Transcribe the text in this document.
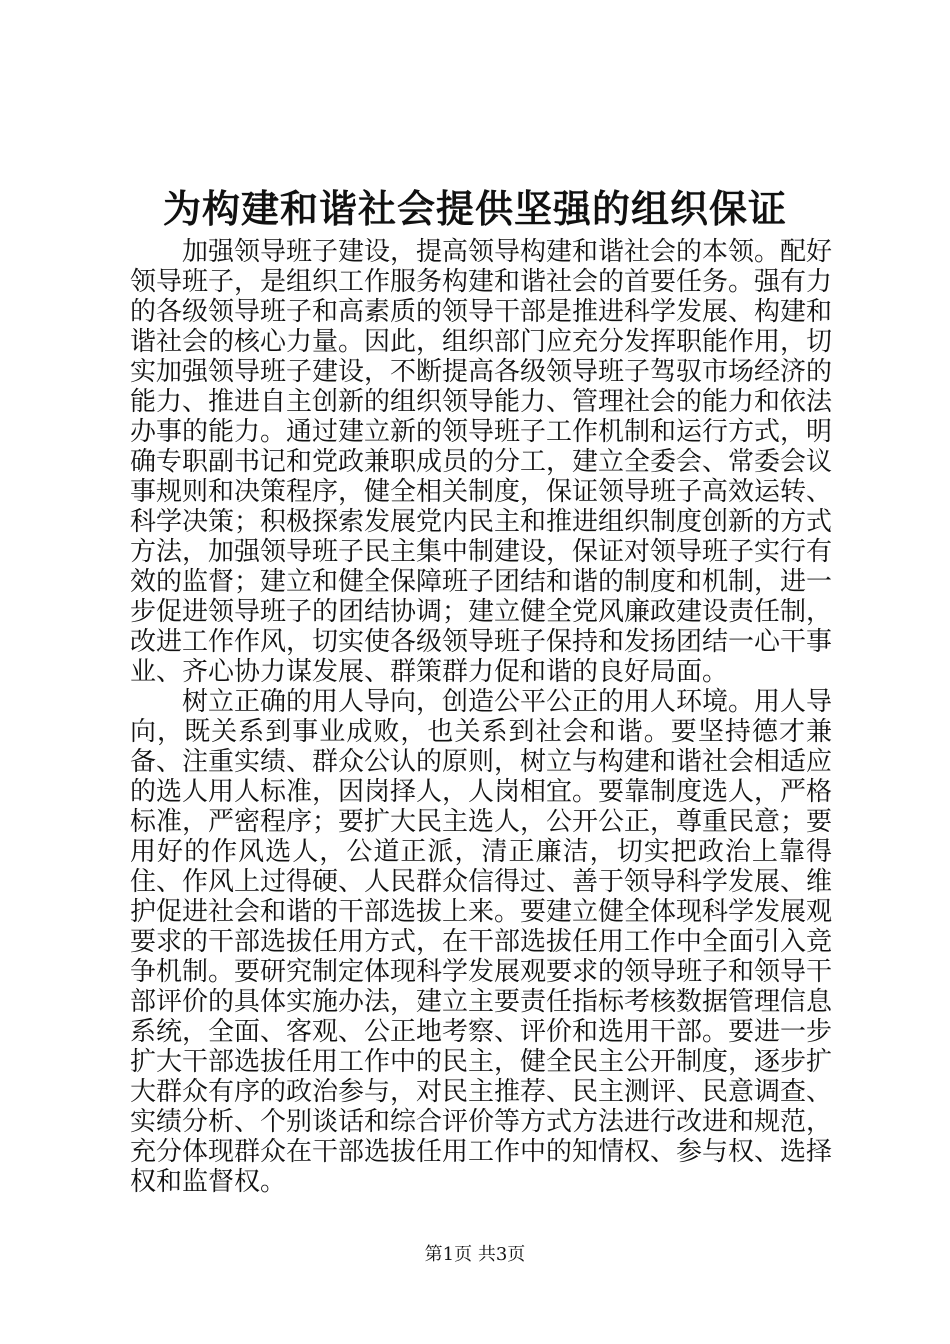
为构建和谐社会提供坚强的组织保证

加强领导班子建设，提高领导构建和谐社会的本领。配好领导班子，是组织工作服务构建和谐社会的首要任务。强有力的各级领导班子和高素质的领导干部是推进科学发展、构建和谐社会的核心力量。因此，组织部门应充分发挥职能作用，切实加强领导班子建设，不断提高各级领导班子驾驭市场经济的能力、推进自主创新的组织领导能力、管理社会的能力和依法办事的能力。通过建立新的领导班子工作机制和运行方式，明确专职副书记和党政兼职成员的分工，建立全委会、常委会议事规则和决策程序，健全相关制度，保证领导班子高效运转、科学决策；积极探索发展党内民主和推进组织制度创新的方式方法，加强领导班子民主集中制建设，保证对领导班子实行有效的监督；建立和健全保障班子团结和谐的制度和机制，进一步促进领导班子的团结协调；建立健全党风廉政建设责任制，改进工作作风，切实使各级领导班子保持和发扬团结一心干事业、齐心协力谋发展、群策群力促和谐的良好局面。

树立正确的用人导向，创造公平公正的用人环境。用人导向，既关系到事业成败，也关系到社会和谐。要坚持德才兼备、注重实绩、群众公认的原则，树立与构建和谐社会相适应的选人用人标准，因岗择人，人岗相宜。要靠制度选人，严格标准，严密程序；要扩大民主选人，公开公正，尊重民意；要用好的作风选人，公道正派，清正廉洁，切实把政治上靠得住、作风上过得硬、人民群众信得过、善于领导科学发展、维护促进社会和谐的干部选拔上来。要建立健全体现科学发展观要求的干部选拔任用方式，在干部选拔任用工作中全面引入竞争机制。要研究制定体现科学发展观要求的领导班子和领导干部评价的具体实施办法，建立主要责任指标考核数据管理信息系统，全面、客观、公正地考察、评价和选用干部。要进一步扩大干部选拔任用工作中的民主，健全民主公开制度，逐步扩大群众有序的政治参与，对民主推荐、民主测评、民意调查、实绩分析、个别谈话和综合评价等方式方法进行改进和规范，充分体现群众在干部选拔任用工作中的知情权、参与权、选择权和监督权。

第1页 共3页
